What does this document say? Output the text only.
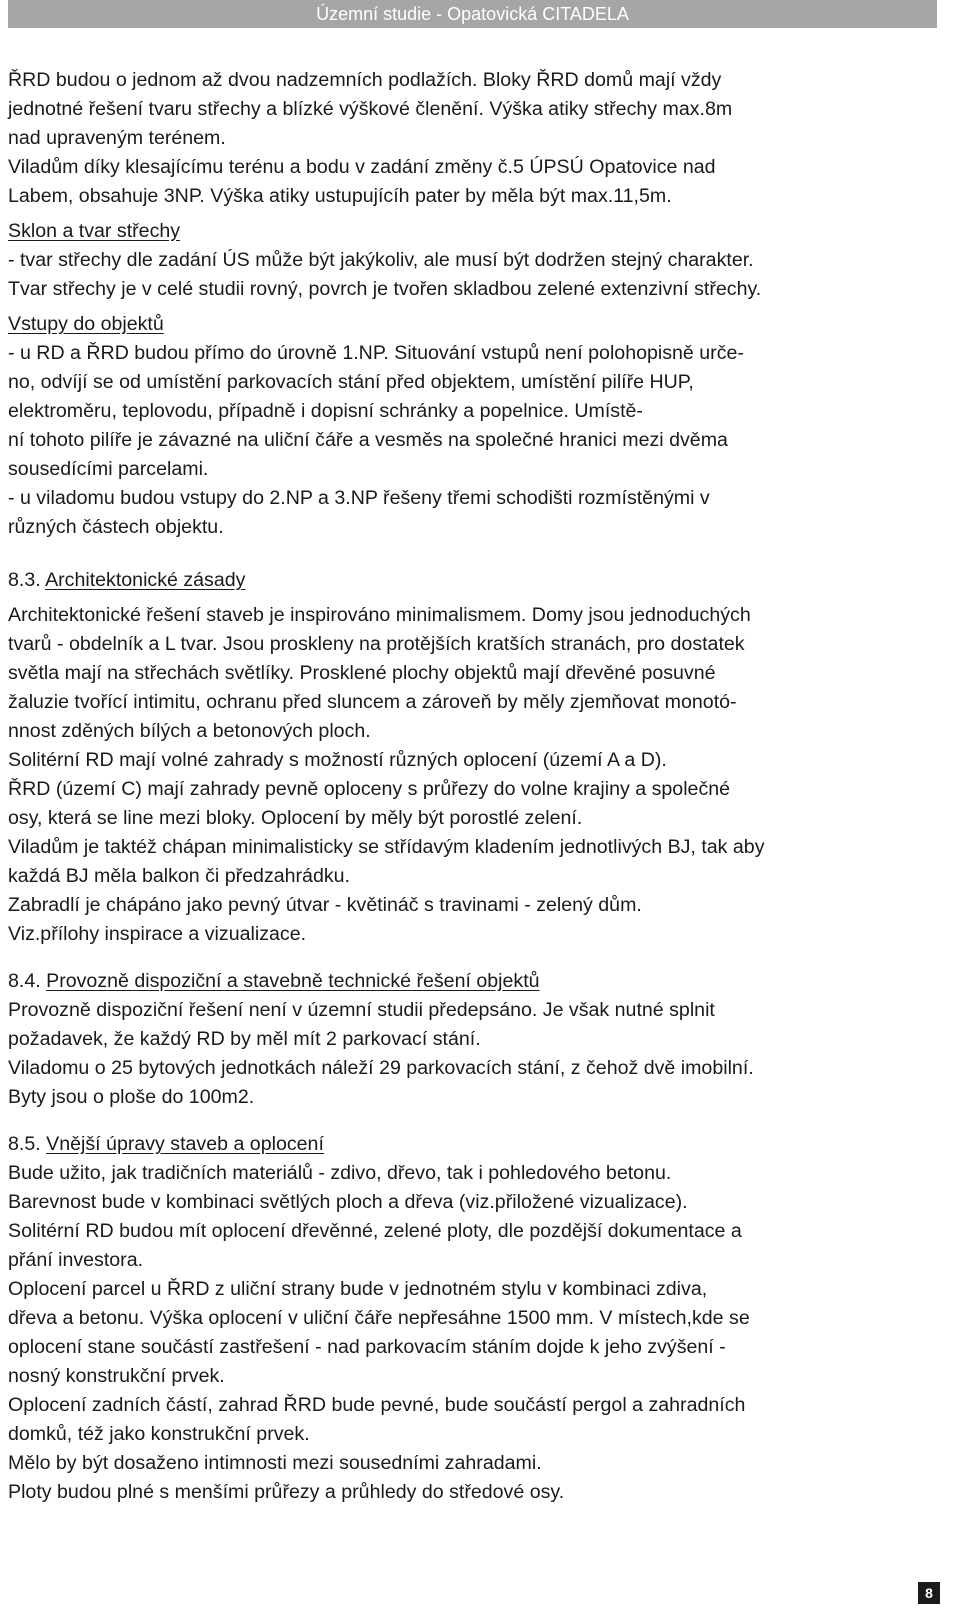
Územní studie - Opatovická CITADELA

ŘRD budou o jednom až dvou nadzemních podlažích. Bloky ŘRD domů mají vždy

jednotné řešení tvaru střechy a blízké výškové členění. Výška atiky střechy max.8m

nad upraveným terénem.

Viladům díky klesajícímu terénu a bodu v zadání změny č.5 ÚPSÚ Opatovice nad

Labem, obsahuje 3NP. Výška atiky ustupujícíh pater by měla být max.11,5m.

Sklon a tvar střechy

- tvar střechy dle zadání ÚS může být jakýkoliv, ale musí být dodržen stejný charakter.

Tvar střechy je v celé studii rovný, povrch je tvořen skladbou zelené extenzivní střechy.

Vstupy do objektů

- u RD a ŘRD budou přímo do úrovně 1.NP. Situování vstupů není polohopisně urče-

no, odvíjí se od umístění parkovacích stání před objektem, umístění pilíře HUP,

elektroměru, teplovodu, případně i dopisní schránky a popelnice. Umístě-

ní tohoto pilíře je závazné na uliční čáře a vesměs na společné hranici mezi dvěma

sousedícími parcelami.

- u viladomu budou vstupy do 2.NP a 3.NP řešeny třemi schodišti rozmístěnými v

různých částech objektu.

8.3. Architektonické zásady

Architektonické řešení staveb je inspirováno minimalismem. Domy jsou jednoduchých

tvarů - obdelník a L tvar. Jsou proskleny na protějších kratších stranách, pro dostatek

světla mají na střechách světlíky. Prosklené plochy objektů mají dřevěné posuvné

žaluzie tvořící intimitu, ochranu před sluncem a zároveň by měly zjemňovat monotó-

nnost zděných bílých a betonových ploch.

Solitérní RD mají volné zahrady s možností různých oplocení (území A a D).

ŘRD (území C) mají zahrady pevně oploceny s průřezy do volne krajiny a společné

osy, která se line mezi bloky. Oplocení by měly být porostlé zelení.

Viladům je taktéž chápan minimalisticky se střídavým kladením jednotlivých BJ, tak aby

každá BJ měla balkon či předzahrádku.

Zabradlí je chápáno jako pevný útvar - květináč s travinami - zelený dům.

Viz.přílohy inspirace a vizualizace.

8.4. Provozně dispoziční a stavebně technické řešení objektů

Provozně dispoziční řešení není v územní studii předepsáno. Je však nutné splnit

požadavek, že každý RD by měl mít 2 parkovací stání.

Viladomu o 25 bytových jednotkách náleží 29 parkovacích stání, z čehož dvě imobilní.

Byty jsou o ploše do 100m2.

8.5. Vnější úpravy staveb a oplocení

Bude užito, jak tradičních materiálů - zdivo, dřevo, tak i pohledového betonu.

Barevnost bude v kombinaci světlých ploch a dřeva (viz.přiložené vizualizace).

Solitérní RD budou mít oplocení dřevěnné, zelené ploty, dle pozdější dokumentace a

přání investora.

Oplocení parcel u ŘRD z uliční strany bude v jednotném stylu v kombinaci zdiva,

dřeva a betonu. Výška oplocení v uliční čáře nepřesáhne 1500 mm. V místech,kde se

oplocení stane součástí zastřešení - nad parkovacím stáním dojde k jeho zvýšení -

nosný konstrukční prvek.

Oplocení zadních částí, zahrad ŘRD bude pevné, bude součástí pergol a zahradních

domků, též jako konstrukční prvek.

Mělo by být dosaženo intimnosti mezi sousedními zahradami.

Ploty budou plné s menšími průřezy a průhledy do středové osy.

8
